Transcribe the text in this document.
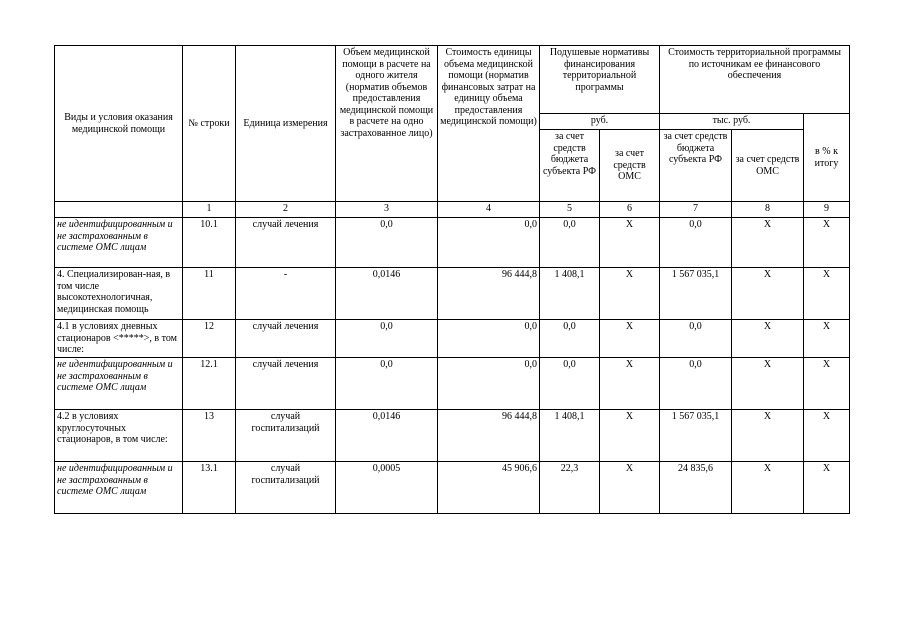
Виды и условия оказания медицинской помощи	№ строки	Единица измерения	Объем медицинской помощи в расчете на одного жителя (норматив объемов предоставления медицинской помощи в расчете на одно застрахованное лицо)	Стоимость единицы объема медицинской помощи (норматив финансовых затрат на единицу объема предоставления медицинской помощи)	Подушевые нормативы финансирования территориальной программы		Стоимость территориальной программы по источникам ее финансового обеспечения		
					руб.		тыс. руб.		в % к итогу
					за счет средств бюджета субъекта РФ	за счет средств ОМС	за счет средств бюджета субъекта РФ	за счет средств ОМС	
	1	2	3	4	5	6	7	8	9
не идентифицированным и не застрахованным в системе ОМС лицам	10.1	случай лечения	0,0	0,0	0,0	X	0,0	X	X
4. Специализирован-ная, в том числе высокотехнологичная, медицинская помощь	11	-	0,0146	96 444,8	1 408,1	X	1 567 035,1	X	X
4.1 в условиях дневных стационаров <*****>, в том числе:	12	случай лечения	0,0	0,0	0,0	X	0,0	X	X
не идентифицированным и не застрахованным в системе ОМС лицам	12.1	случай лечения	0,0	0,0	0,0	X	0,0	X	X
4.2 в условиях круглосуточных стационаров, в том числе:	13	случай госпитализаций	0,0146	96 444,8	1 408,1	X	1 567 035,1	X	X
не идентифицированным и не застрахованным в системе ОМС лицам	13.1	случай госпитализаций	0,0005	45 906,6	22,3	X	24 835,6	X	X
